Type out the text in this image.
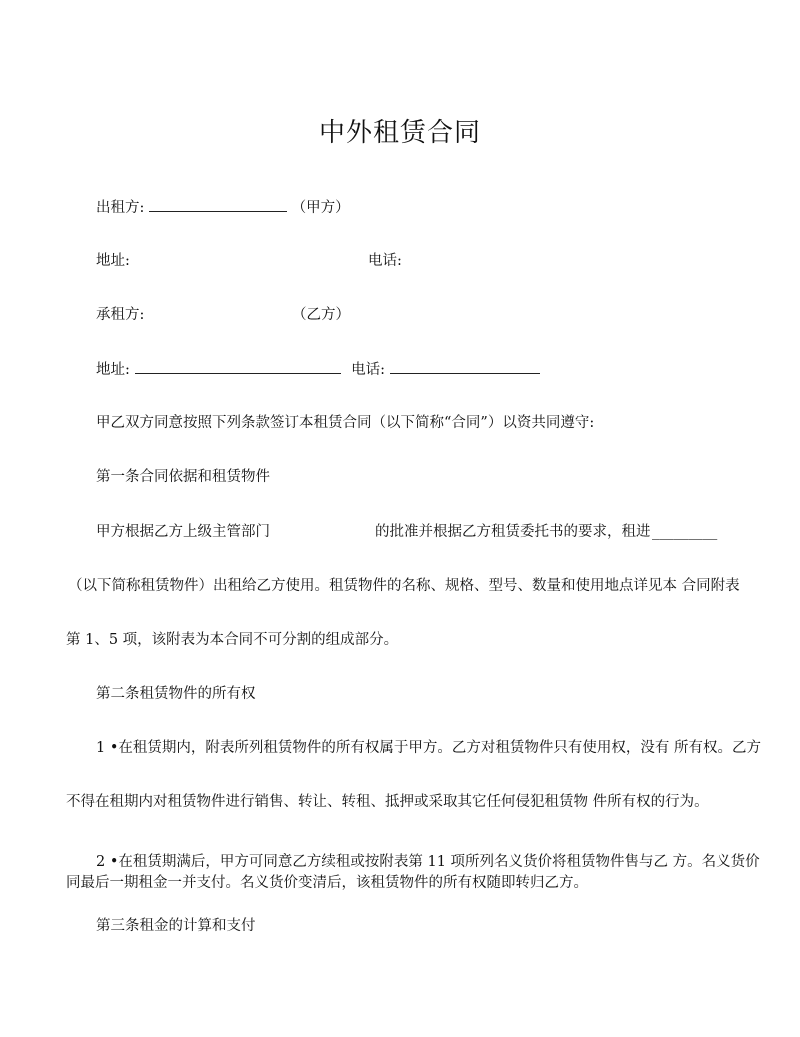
中外租赁合同
出租方:	（甲方）
地址:	电话:
承租方:	（乙方）
地址:	电话:
甲乙双方同意按照下列条款签订本租赁合同（以下简称“合同”）以资共同遵守:
第一条合同依据和租赁物件
甲方根据乙方上级主管部门	的批准并根据乙方租赁委托书的要求，租进 _________
（以下简称租赁物件）出租给乙方使用。租赁物件的名称、规格、型号、数量和使用地点详见本 合同附表
第 1、5 项，该附表为本合同不可分割的组成部分。
第二条租赁物件的所有权
1 •在租赁期内，附表所列租赁物件的所有权属于甲方。乙方对租赁物件只有使用权，没有 所有权。乙方
不得在租期内对租赁物件进行销售、转让、转租、抵押或采取其它任何侵犯租赁物 件所有权的行为。
2 •在租赁期满后，甲方可同意乙方续租或按附表第 11 项所列名义货价将租赁物件售与乙 方。名义货价
同最后一期租金一并支付。名义货价变清后，该租赁物件的所有权随即转归乙方。
第三条租金的计算和支付
